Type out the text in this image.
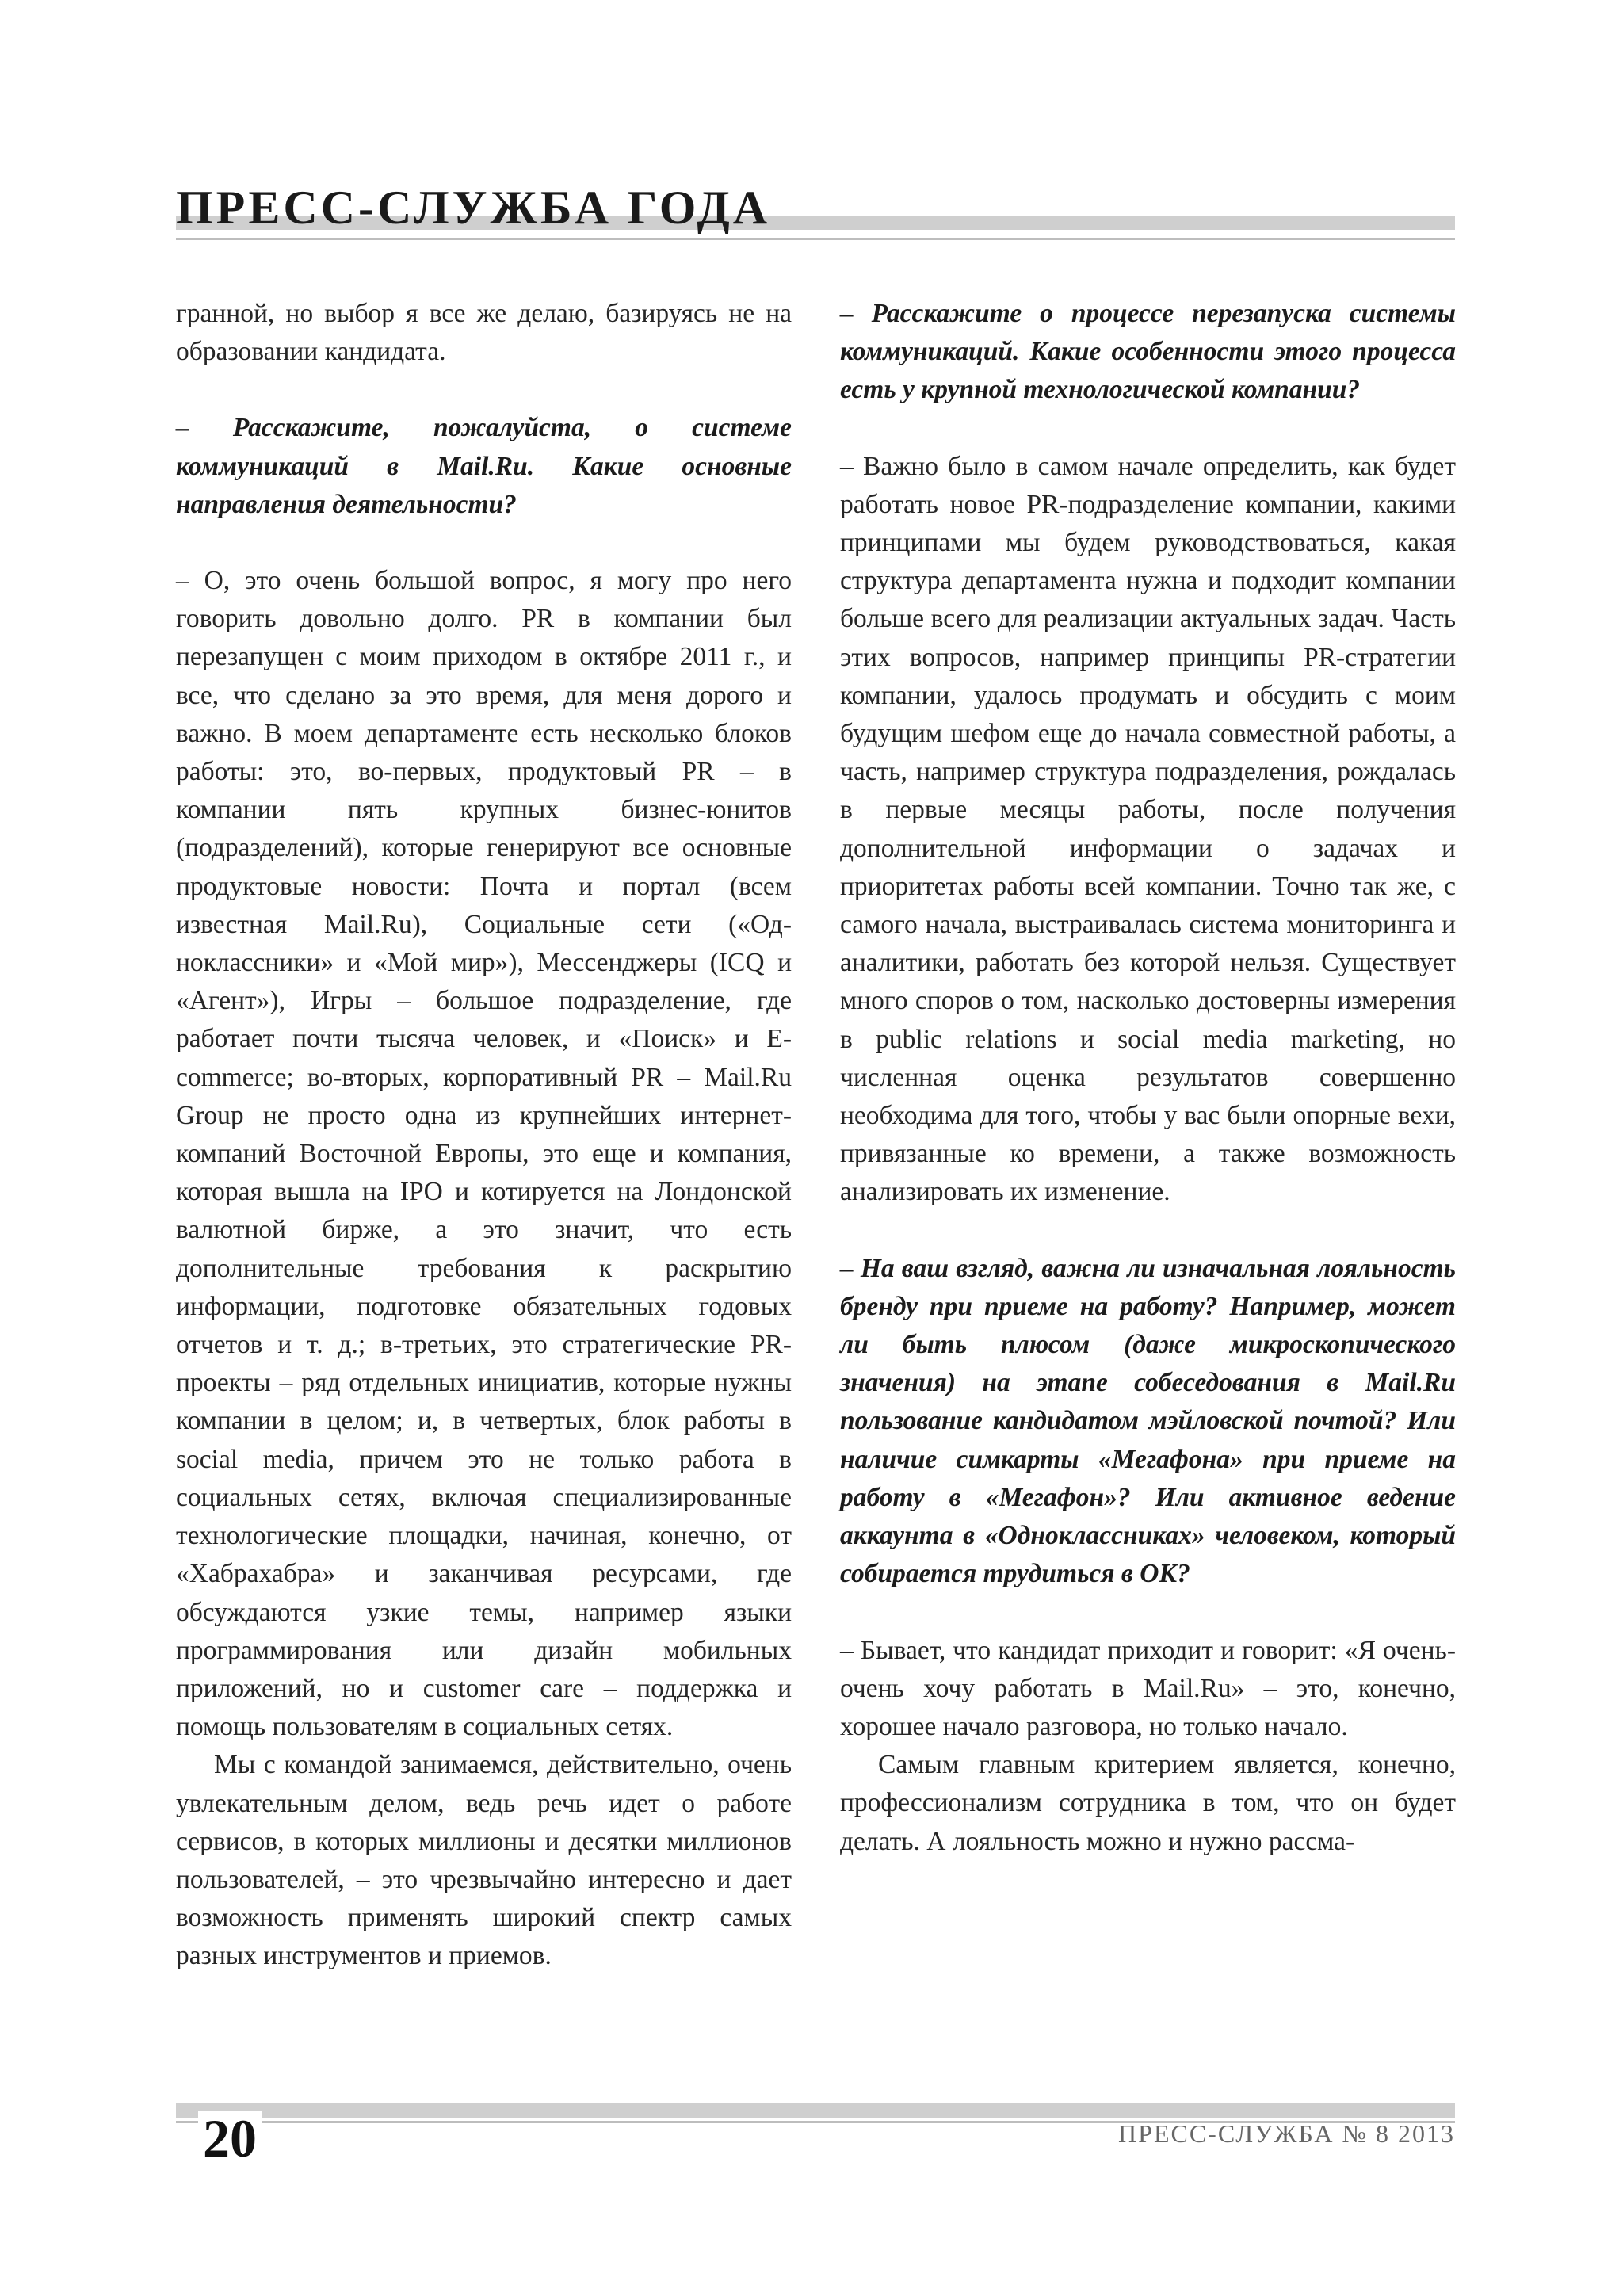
ПРЕСС-СЛУЖБА ГОДА

гранной, но выбор я все же делаю, базируясь не на образовании кандидата.

– Расскажите, пожалуйста, о системе коммуникаций в Mail.Ru. Какие основные направления деятельности?

– О, это очень большой вопрос, я могу про него говорить довольно долго. PR в компании был перезапущен с моим приходом в октябре 2011 г., и все, что сделано за это время, для меня дорого и важно. В моем департаменте есть несколько блоков работы: это, во-первых, продуктовый PR – в компании пять крупных бизнес-юнитов (подразделений), которые генерируют все основные продуктовые новости: Почта и портал (всем известная Mail.Ru), Социальные сети («Одноклассники» и «Мой мир»), Мессенджеры (ICQ и «Агент»), Игры – большое подразделение, где работает почти тысяча человек, и «Поиск» и E-commerce; во-вторых, корпоративный PR – Mail.Ru Group не просто одна из крупнейших интернет-компаний Восточной Европы, это еще и компания, которая вышла на IPO и котируется на Лондонской валютной бирже, а это значит, что есть дополнительные требования к раскрытию информации, подготовке обязательных годовых отчетов и т. д.; в-третьих, это стратегические PR-проекты – ряд отдельных инициатив, которые нужны компании в целом; и, в четвертых, блок работы в social media, причем это не только работа в социальных сетях, включая специализированные технологические площадки, начиная, конечно, от «Хабрахабра» и заканчивая ресурсами, где обсуждаются узкие темы, например языки программирования или дизайн мобильных приложений, но и customer care – поддержка и помощь пользователям в социальных сетях.

Мы с командой занимаемся, действительно, очень увлекательным делом, ведь речь идет о работе сервисов, в которых миллионы и десятки миллионов пользователей, – это чрезвычайно интересно и дает возможность применять широкий спектр самых разных инструментов и приемов.

– Расскажите о процессе перезапуска системы коммуникаций. Какие особенности этого процесса есть у крупной технологической компании?

– Важно было в самом начале определить, как будет работать новое PR-подразделение компании, какими принципами мы будем руководствоваться, какая структура департамента нужна и подходит компании больше всего для реализации актуальных задач. Часть этих вопросов, например принципы PR-стратегии компании, удалось продумать и обсудить с моим будущим шефом еще до начала совместной работы, а часть, например структура подразделения, рождалась в первые месяцы работы, после получения дополнительной информации о задачах и приоритетах работы всей компании. Точно так же, с самого начала, выстраивалась система мониторинга и аналитики, работать без которой нельзя. Существует много споров о том, насколько достоверны измерения в public relations и social media marketing, но численная оценка результатов совершенно необходима для того, чтобы у вас были опорные вехи, привязанные ко времени, а также возможность анализировать их изменение.

– На ваш взгляд, важна ли изначальная лояльность бренду при приеме на работу? Например, может ли быть плюсом (даже микроскопического значения) на этапе собеседования в Mail.Ru пользование кандидатом мэйловской почтой? Или наличие симкарты «Мегафона» при приеме на работу в «Мегафон»? Или активное ведение аккаунта в «Одноклассниках» человеком, который собирается трудиться в ОК?

– Бывает, что кандидат приходит и говорит: «Я очень-очень хочу работать в Mail.Ru» – это, конечно, хорошее начало разговора, но только начало.

Самым главным критерием является, конечно, профессионализм сотрудника в том, что он будет делать. А лояльность можно и нужно рассма-

20	ПРЕСС-СЛУЖБА № 8 2013
